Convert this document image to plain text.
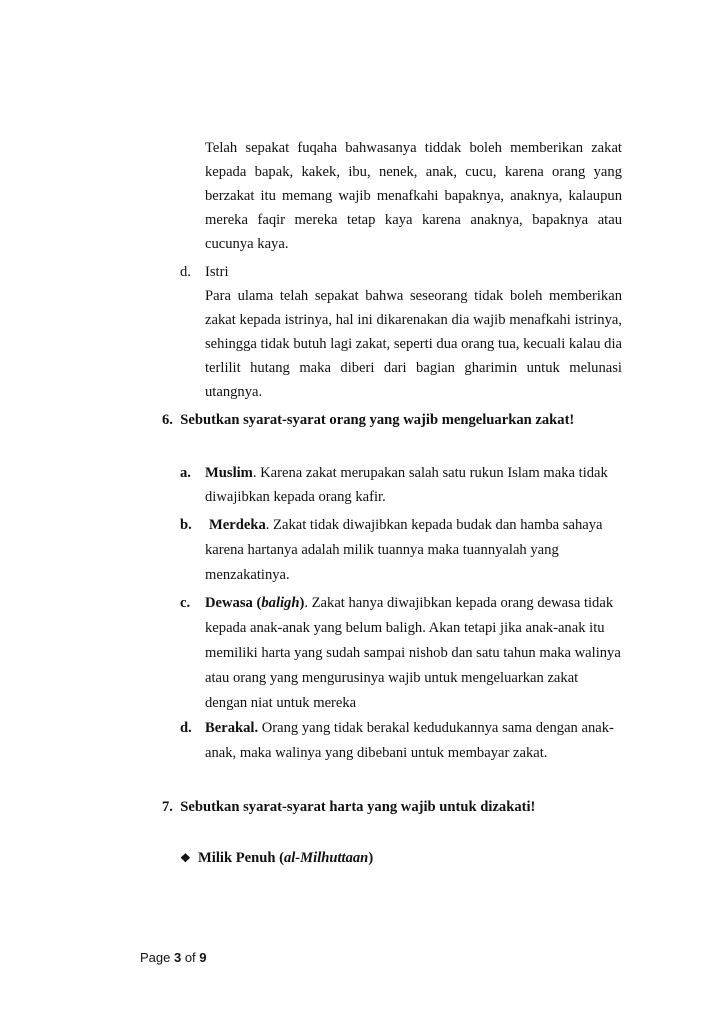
Telah sepakat fuqaha bahwasanya tiddak boleh memberikan zakat
kepada bapak, kakek, ibu, nenek, anak, cucu, karena orang yang
berzakat itu memang wajib menafkahi bapaknya, anaknya, kalaupun
mereka faqir mereka tetap kaya karena anaknya, bapaknya atau
cucunya kaya.
d. Istri
Para ulama telah sepakat bahwa seseorang tidak boleh memberikan
zakat kepada istrinya, hal ini dikarenakan dia wajib menafkahi istrinya,
sehingga tidak butuh lagi zakat, seperti dua orang tua, kecuali kalau dia
terlilit hutang maka diberi dari bagian gharimin untuk melunasi
utangnya.
6.  Sebutkan syarat-syarat orang yang wajib mengeluarkan zakat!
a. Muslim. Karena zakat merupakan salah satu rukun Islam maka tidak
diwajibkan kepada orang kafir.
b. Merdeka. Zakat tidak diwajibkan kepada budak dan hamba sahaya
karena hartanya adalah milik tuannya maka tuannyalah yang
menzakatinya.
c. Dewasa (baligh). Zakat hanya diwajibkan kepada orang dewasa tidak
kepada anak-anak yang belum baligh. Akan tetapi jika anak-anak itu
memiliki harta yang sudah sampai nishob dan satu tahun maka walinya
atau orang yang mengurusinya wajib untuk mengeluarkan zakat
dengan niat untuk mereka
d. Berakal. Orang yang tidak berakal kedudukannya sama dengan anak-
anak, maka walinya yang dibebani untuk membayar zakat.
7.  Sebutkan syarat-syarat harta yang wajib untuk dizakati!
❖ Milik Penuh (al-Milhuttaan)
Page 3 of 9
